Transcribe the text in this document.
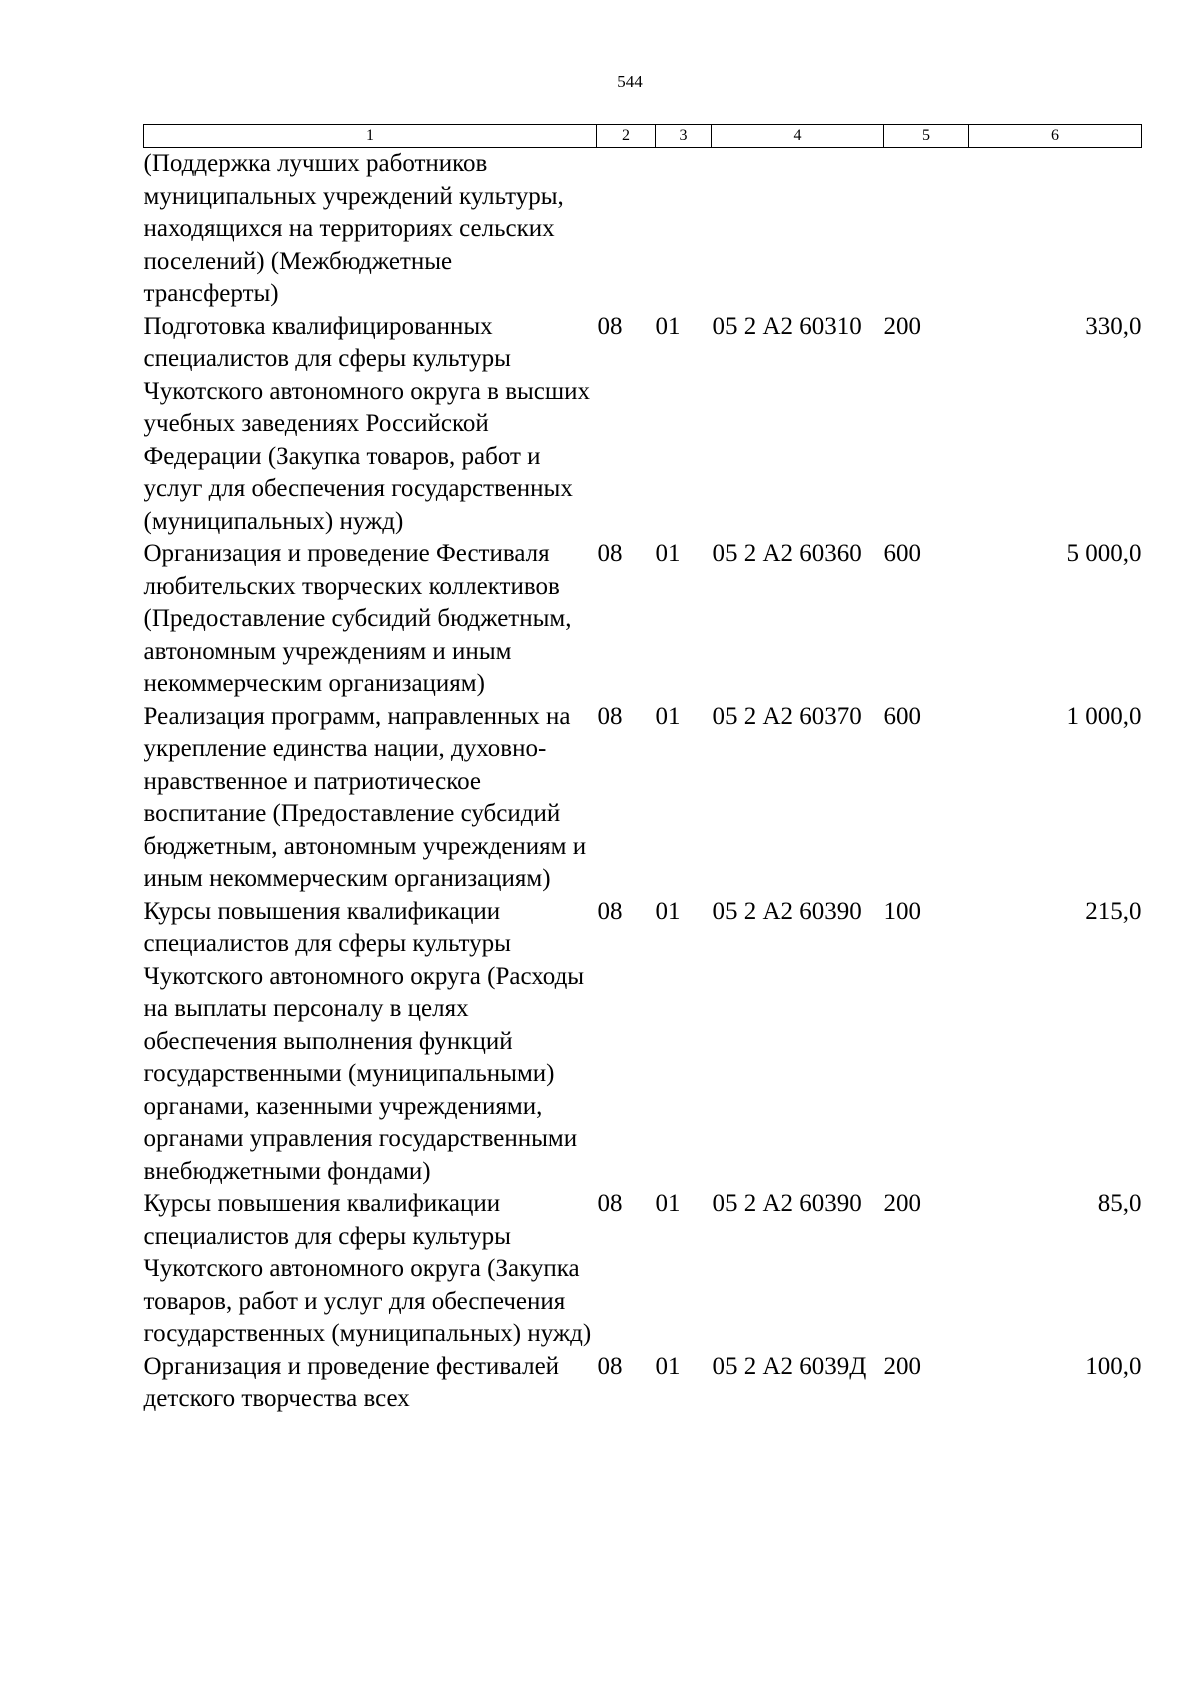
544
1	2	3	4	5	6
(Поддержка лучших работников муниципальных учреждений культуры, находящихся на территориях сельских поселений) (Межбюджетные трансферты)					
Подготовка квалифицированных специалистов для сферы культуры Чукотского автономного округа в высших учебных заведениях Российской Федерации (Закупка товаров, работ и услуг для обеспечения государственных (муниципальных) нужд)	08	01	05 2 А2 60310	200	330,0
Организация и проведение Фестиваля любительских творческих коллективов (Предоставление субсидий бюджетным, автономным учреждениям и иным некоммерческим организациям)	08	01	05 2 А2 60360	600	5 000,0
Реализация программ, направленных на укрепление единства нации, духовно-нравственное и патриотическое воспитание (Предоставление субсидий бюджетным, автономным учреждениям и иным некоммерческим организациям)	08	01	05 2 А2 60370	600	1 000,0
Курсы повышения квалификации специалистов для сферы культуры Чукотского автономного округа (Расходы на выплаты персоналу в целях обеспечения выполнения функций государственными (муниципальными) органами, казенными учреждениями, органами управления государственными внебюджетными фондами)	08	01	05 2 А2 60390	100	215,0
Курсы повышения квалификации специалистов для сферы культуры Чукотского автономного округа (Закупка товаров, работ и услуг для обеспечения государственных (муниципальных) нужд)	08	01	05 2 А2 60390	200	85,0
Организация и проведение фестивалей детского творчества всех	08	01	05 2 А2 6039Д	200	100,0
